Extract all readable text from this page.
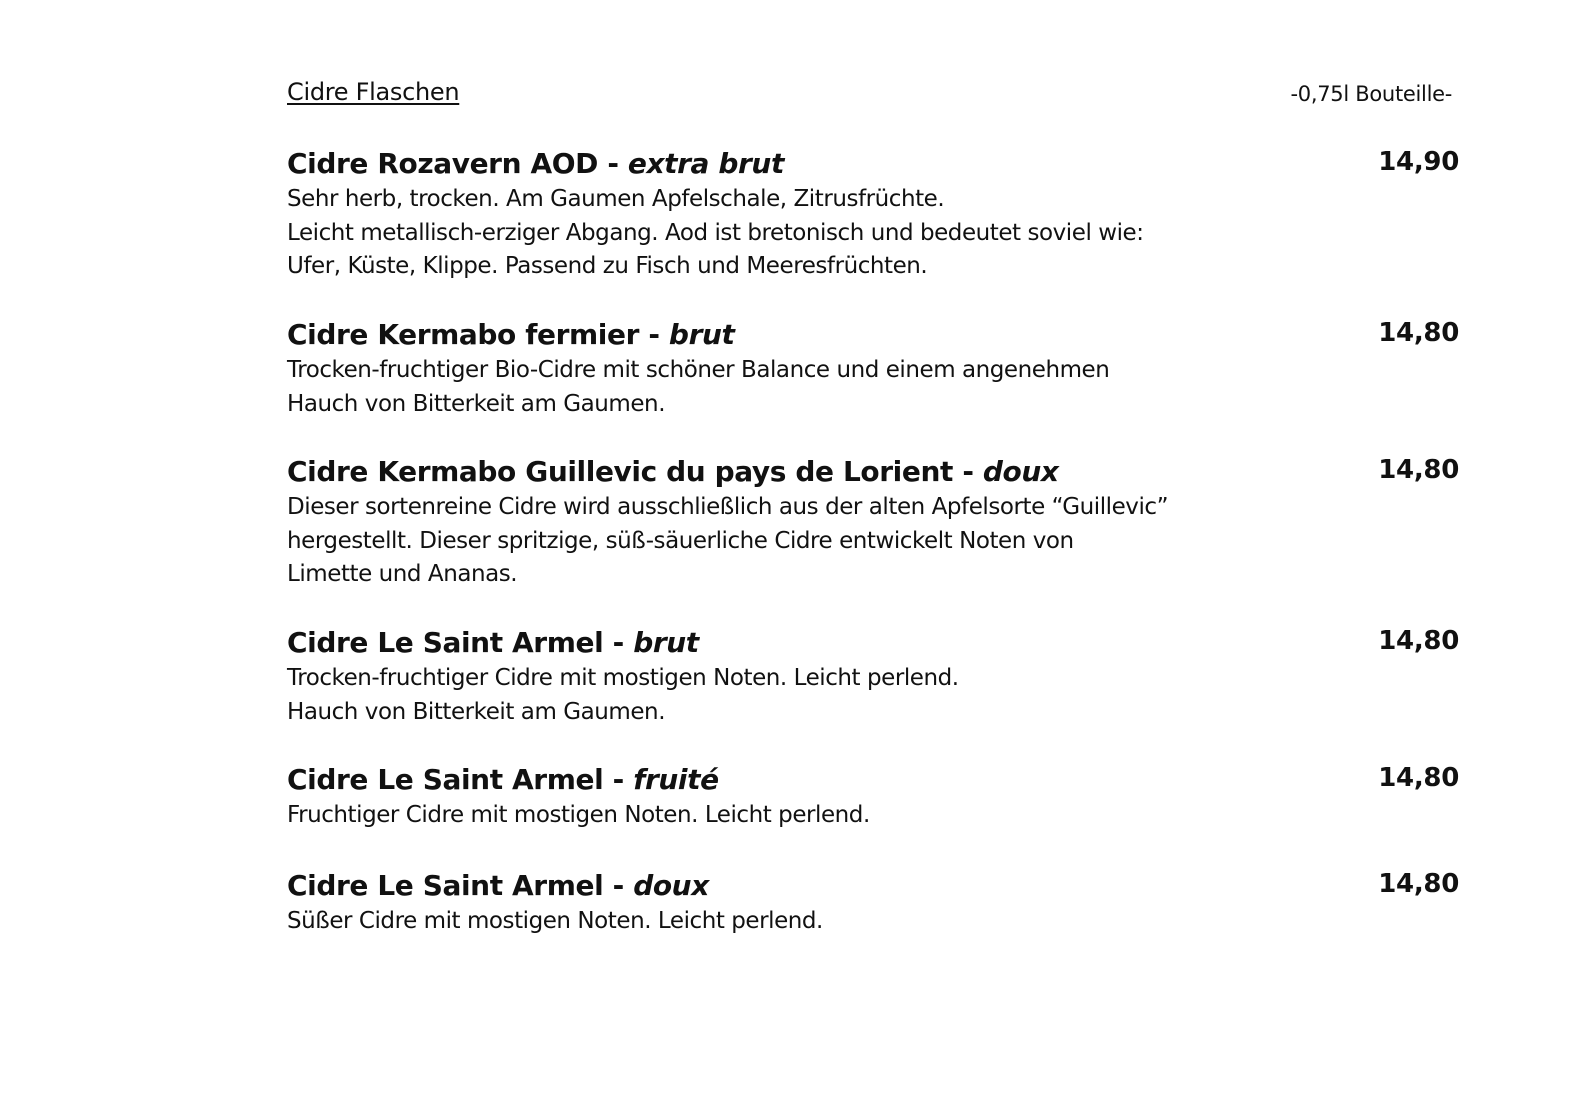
Cidre Flaschen	-0,75l Bouteille-
Cidre Rozavern AOD - extra brut	14,90
Sehr herb, trocken. Am Gaumen Apfelschale, Zitrusfrüchte.
Leicht metallisch-erziger Abgang. Aod ist bretonisch und bedeutet soviel wie:
Ufer, Küste, Klippe. Passend zu Fisch und Meeresfrüchten.
Cidre Kermabo fermier - brut	14,80
Trocken-fruchtiger Bio-Cidre mit schöner Balance und einem angenehmen
Hauch von Bitterkeit am Gaumen.
Cidre Kermabo Guillevic du pays de Lorient - doux	14,80
Dieser sortenreine Cidre wird ausschließlich aus der alten Apfelsorte “Guillevic”
hergestellt. Dieser spritzige, süß-säuerliche Cidre entwickelt Noten von
Limette und Ananas.
Cidre Le Saint Armel - brut	14,80
Trocken-fruchtiger Cidre mit mostigen Noten. Leicht perlend.
Hauch von Bitterkeit am Gaumen.
Cidre Le Saint Armel - fruité	14,80
Fruchtiger Cidre mit mostigen Noten. Leicht perlend.
Cidre Le Saint Armel - doux	14,80
Süßer Cidre mit mostigen Noten. Leicht perlend.
